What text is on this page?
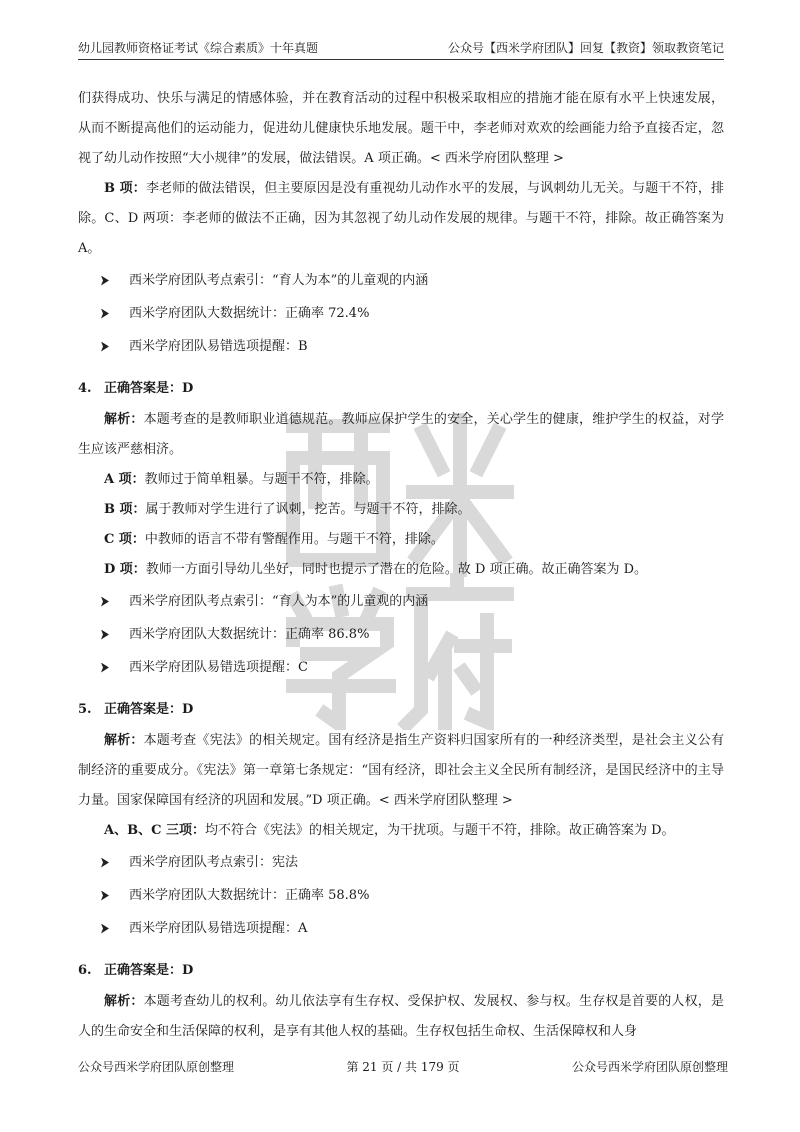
幼儿园教师资格证考试《综合素质》十年真题	公众号【西米学府团队】回复【教资】领取教资笔记

们获得成功、快乐与满足的情感体验，并在教育活动的过程中积极采取相应的措施才能在原有水平上快速发展，从而不断提高他们的运动能力，促进幼儿健康快乐地发展。题干中，李老师对欢欢的绘画能力给予直接否定，忽视了幼儿动作按照“大小规律”的发展，做法错误。A 项正确。< 西米学府团队整理 >

B 项：李老师的做法错误，但主要原因是没有重视幼儿动作水平的发展，与讽刺幼儿无关。与题干不符，排除。C、D 两项：李老师的做法不正确，因为其忽视了幼儿动作发展的规律。与题干不符，排除。故正确答案为 A。

西米学府团队考点索引：“育人为本”的儿童观的内涵
西米学府团队大数据统计：正确率 72.4%
西米学府团队易错选项提醒：B
4. 正确答案是：D

解析：本题考查的是教师职业道德规范。教师应保护学生的安全，关心学生的健康，维护学生的权益，对学生应该严慈相济。

A 项：教师过于简单粗暴。与题干不符，排除。

B 项：属于教师对学生进行了讽刺，挖苦。与题干不符，排除。

C 项：中教师的语言不带有警醒作用。与题干不符，排除。

D 项：教师一方面引导幼儿坐好，同时也提示了潜在的危险。故 D 项正确。故正确答案为 D。

西米学府团队考点索引：“育人为本”的儿童观的内涵
西米学府团队大数据统计：正确率 86.8%
西米学府团队易错选项提醒：C
5. 正确答案是：D

解析：本题考查《宪法》的相关规定。国有经济是指生产资料归国家所有的一种经济类型，是社会主义公有制经济的重要成分。《宪法》第一章第七条规定：“国有经济，即社会主义全民所有制经济，是国民经济中的主导力量。国家保障国有经济的巩固和发展。”D 项正确。< 西米学府团队整理 >

A、B、C 三项：均不符合《宪法》的相关规定，为干扰项。与题干不符，排除。故正确答案为 D。

西米学府团队考点索引：宪法
西米学府团队大数据统计：正确率 58.8%
西米学府团队易错选项提醒：A
6. 正确答案是：D

解析：本题考查幼儿的权利。幼儿依法享有生存权、受保护权、发展权、参与权。生存权是首要的人权，是人的生命安全和生活保障的权利，是享有其他人权的基础。生存权包括生命权、生活保障权和人身

公众号西米学府团队原创整理	第 21 页 / 共 179 页	公众号西米学府团队原创整理
